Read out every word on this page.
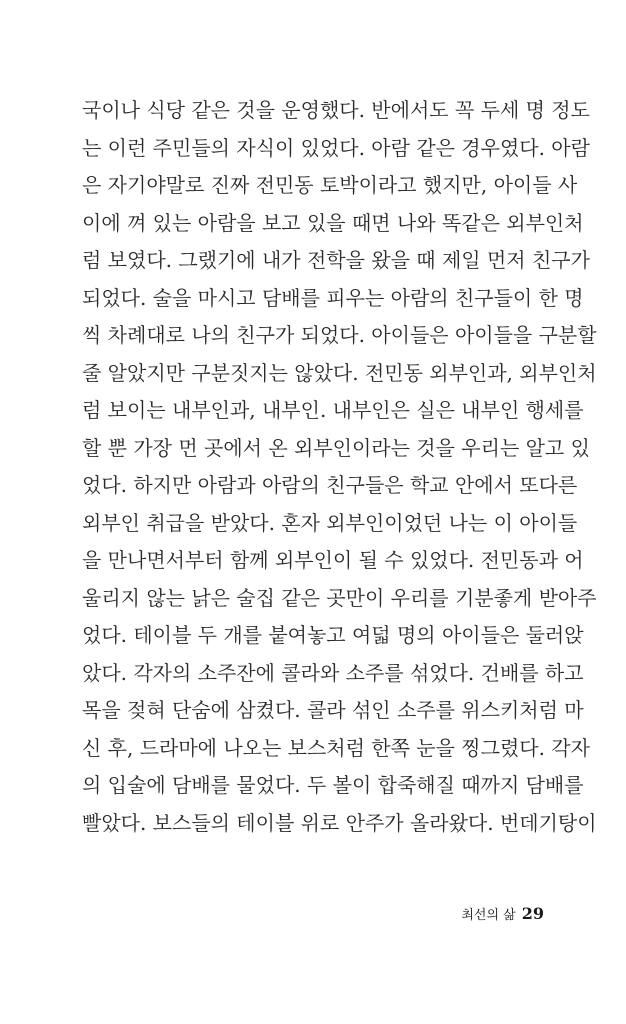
국이나 식당 같은 것을 운영했다. 반에서도 꼭 두세 명 정도
는 이런 주민들의 자식이 있었다. 아람 같은 경우였다. 아람
은 자기야말로 진짜 전민동 토박이라고 했지만, 아이들 사
이에 껴 있는 아람을 보고 있을 때면 나와 똑같은 외부인처
럼 보였다. 그랬기에 내가 전학을 왔을 때 제일 먼저 친구가
되었다. 술을 마시고 담배를 피우는 아람의 친구들이 한 명
씩 차례대로 나의 친구가 되었다. 아이들은 아이들을 구분할
줄 알았지만 구분짓지는 않았다. 전민동 외부인과, 외부인처
럼 보이는 내부인과, 내부인. 내부인은 실은 내부인 행세를
할 뿐 가장 먼 곳에서 온 외부인이라는 것을 우리는 알고 있
었다. 하지만 아람과 아람의 친구들은 학교 안에서 또다른
외부인 취급을 받았다. 혼자 외부인이었던 나는 이 아이들
을 만나면서부터 함께 외부인이 될 수 있었다. 전민동과 어
울리지 않는 낡은 술집 같은 곳만이 우리를 기분좋게 받아주
었다. 테이블 두 개를 붙여놓고 여덟 명의 아이들은 둘러앉
았다. 각자의 소주잔에 콜라와 소주를 섞었다. 건배를 하고
목을 젖혀 단숨에 삼켰다. 콜라 섞인 소주를 위스키처럼 마
신 후, 드라마에 나오는 보스처럼 한쪽 눈을 찡그렸다. 각자
의 입술에 담배를 물었다. 두 볼이 합죽해질 때까지 담배를
빨았다. 보스들의 테이블 위로 안주가 올라왔다. 번데기탕이
최선의 삶 29
